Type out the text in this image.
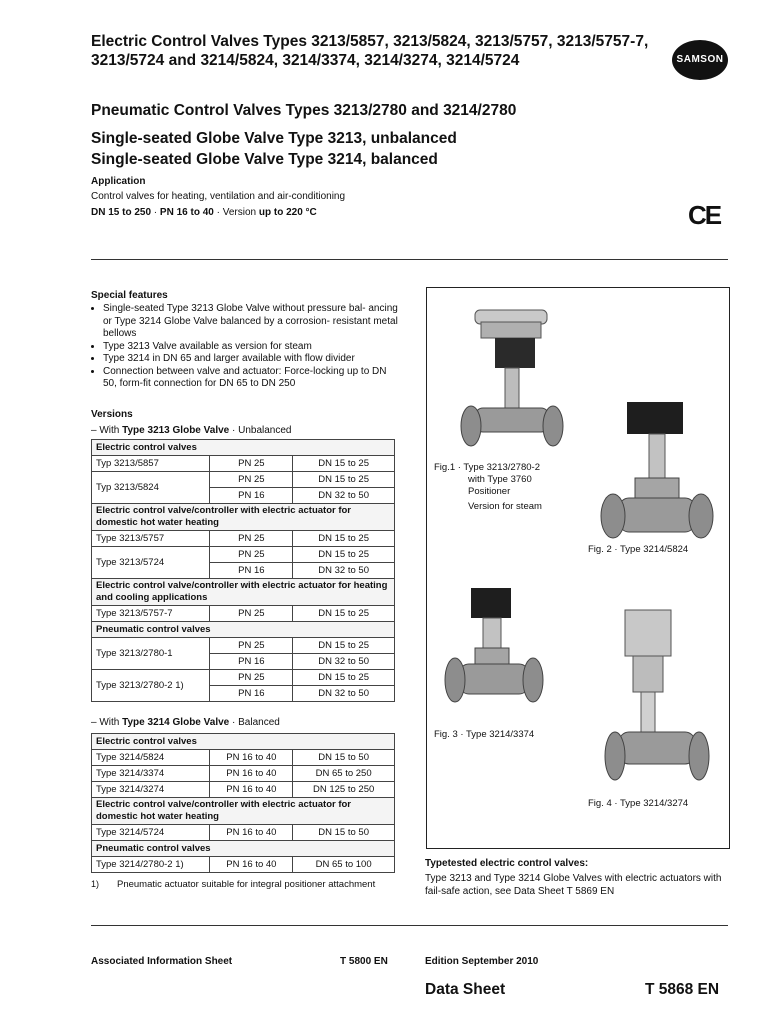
Electric Control Valves Types 3213/5857, 3213/5824, 3213/5757, 3213/5757-7, 3213/5724 and 3214/5824, 3214/3374, 3214/3274, 3214/5724	SAMSON
Pneumatic Control Valves Types 3213/2780 and 3214/2780
Single-seated Globe Valve Type 3213, unbalanced
Single-seated Globe Valve Type 3214, balanced
Application
Control valves for heating, ventilation and air-conditioning
DN 15 to 250 · PN 16 to 40 · Version up to 220 °C	CE
Special features
• Single-seated Type 3213 Globe Valve without pressure bal- ancing or Type 3214 Globe Valve balanced by a corrosion- resistant metal bellows
• Type 3213 Valve available as version for steam
• Type 3214 in DN 65 and larger available with flow divider
• Connection between valve and actuator: Force-locking up to DN 50, form-fit connection for DN 65 to DN 250
Versions
– With Type 3213 Globe Valve · Unbalanced
Electric control valves		
Typ 3213/5857	PN 25	DN 15 to 25
Typ 3213/5824	PN 25	DN 15 to 25
	PN 16	DN 32 to 50
Electric control valve/controller with electric actuator for domestic hot water heating		
Type 3213/5757	PN 25	DN 15 to 25
Type 3213/5724	PN 25	DN 15 to 25
	PN 16	DN 32 to 50
Electric control valve/controller with electric actuator for heating and cooling applications		
Type 3213/5757-7	PN 25	DN 15 to 25
Pneumatic control valves		
Type 3213/2780-1	PN 25	DN 15 to 25
	PN 16	DN 32 to 50
Type 3213/2780-2 1)	PN 25	DN 15 to 25
	PN 16	DN 32 to 50
– With Type 3214 Globe Valve · Balanced
Electric control valves		
Type 3214/5824	PN 16 to 40	DN 15 to 50
Type 3214/3374	PN 16 to 40	DN 65 to 250
Type 3214/3274	PN 16 to 40	DN 125 to 250
Electric control valve/controller with electric actuator for domestic hot water heating		
Type 3214/5724	PN 16 to 40	DN 15 to 50
Pneumatic control valves		
Type 3214/2780-2 1)	PN 16 to 40	DN 65 to 100
1) Pneumatic actuator suitable for integral positioner attachment
Fig.1 · Type 3213/2780-2
with Type 3760
Positioner
Version for steam
Fig. 2 · Type 3214/5824
Fig. 3 · Type 3214/3374
Fig. 4 · Type 3214/3274
Typetested electric control valves:
Type 3213 and Type 3214 Globe Valves with electric actuators with fail-safe action, see Data Sheet T 5869 EN
Associated Information Sheet	T 5800 EN	Edition September 2010
Data Sheet	T 5868 EN
